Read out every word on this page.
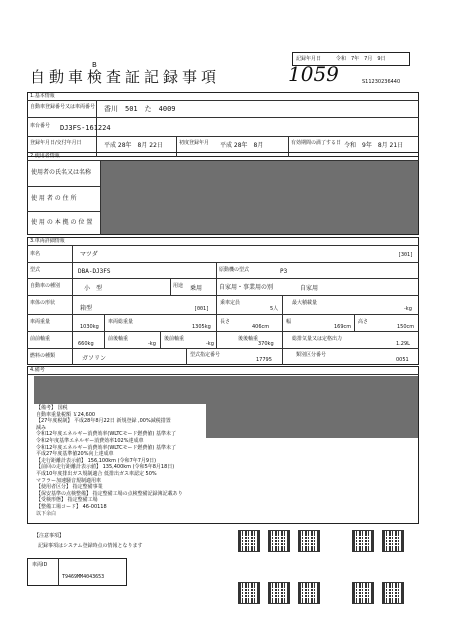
B
自動車検査証記録事項
記録年月日	令和　7年　7月　9日
1059	S11230236440
1.基本情報
自動車登録番号又は車両番号 香川　501　た　4009
車台番号 DJ3FS-161224
登録年月日/交付年月日	平成 28年　8月 22日	初度登録年月 平成 28年　8月	有効期間の満了する日 令和　9年　8月 21日
2.使用者情報
使用者の氏名又は名称
使 用 者 の 住 所
使 用 の 本 拠 の 位 置
3.車両詳細情報
車名	マツダ	[301]
型式	DBA-DJ3FS	原動機の型式	P3
自動車の種別	小　型	用途 乗用	自家用・事業用の別	自家用
車体の形状
箱型	[001]
乗車定員
5人
最大積載量
-kg
車両重量
1030kg
車両総重量
1305kg
長さ
406cm
幅
169cm
高さ
150cm
前前軸重
660kg
前後軸重
-kg
後前軸重
-kg
後後軸重
370kg
総排気量又は定格出力
1.29L
燃料の種類	ガソリン	型式指定番号
17795
類別区分番号
0051
4.備考
【備考】 国税
自動車重量税額 ￥24,600
【27年度税制】 平成28年8月22日 新規登録 ,00%減税措置
減み
令和12年度エネルギー消費効率(WLTCモード燃費値) 基準未了
令和2年度基準エネルギー消費効率102%達成車
令和12年度エネルギー消費効率(WLTCモード燃費値) 基準未了
平成27年度基準値20%向上達成車
【走行距離計表示値】 156,100km (令和7年7月9日)
【前回の走行距離計表示値】 135,400km (令和5年8月18日)
平成10年度排出ガス規制適合 低排出ガス車認定 50%
マフラー加速騒音規制適用車
【使用者区分】 指定整備事業
【保安基準の点検整備】 指定整備工場の点検整備記録簿記載あり
【受検形態】 指定整備工場
【整備工場コード】 46-00118
以下余白
【注意事項】
記録事項はシステム登録時点の情報となります
車両ID
T9469MM4043653
